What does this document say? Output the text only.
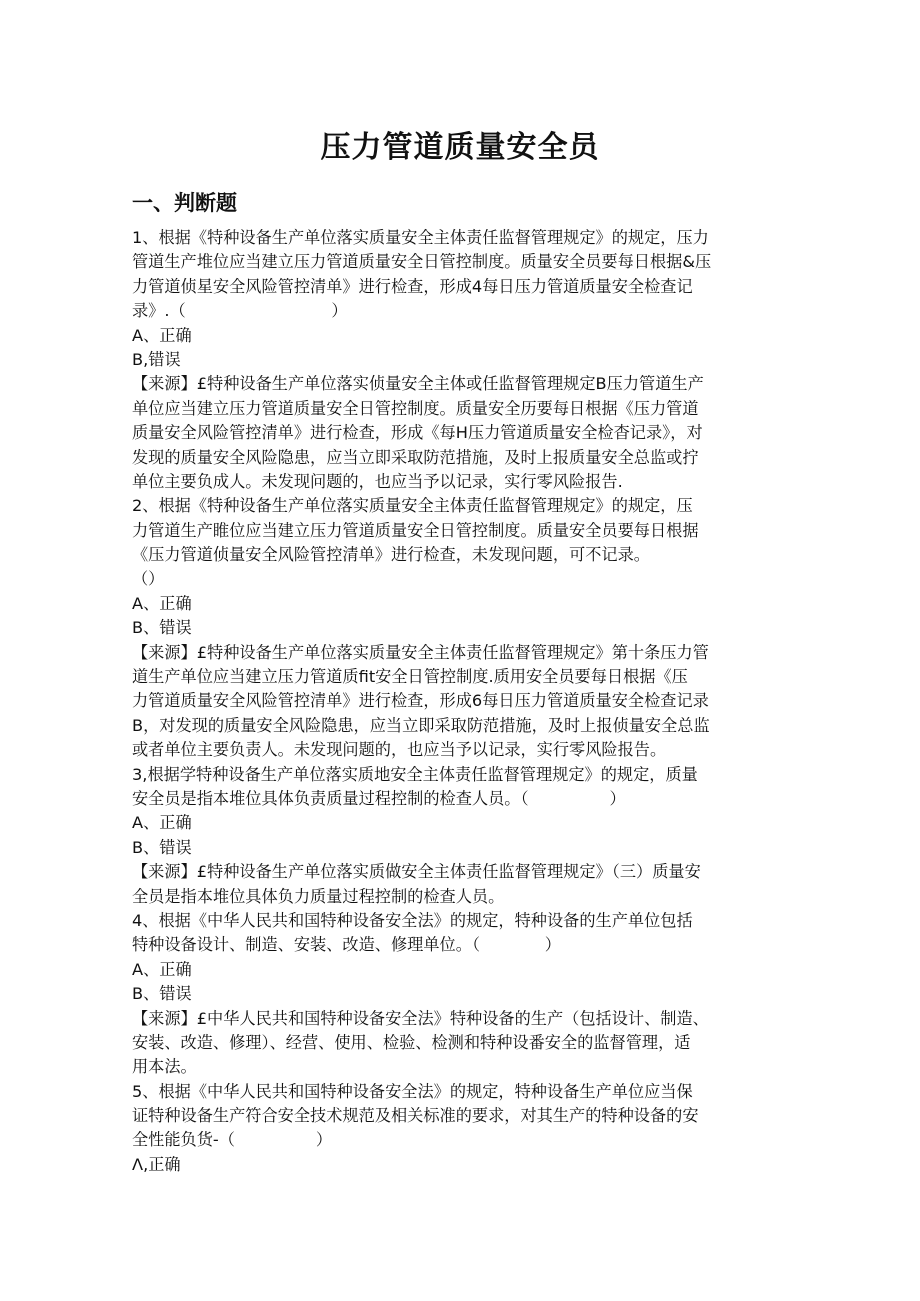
压力管道质量安全员
一、判断题
1、根据《特种设备生产单位落实质量安全主体责任监督管理规定》的规定，压力
管道生产堆位应当建立压力管道质量安全日管控制度。质量安全员要每日根据&压
力管道侦星安全风险管控清单》进行检查，形成4每日压力管道质量安全检查记
录》.（　　　　　　　　　）
A、正确
B,错误
【来源】£特种设备生产单位落实侦量安全主体或任监督管理规定B压力管道生产
单位应当建立压力管道质量安全日管控制度。质量安全历要每日根据《压力管道
质量安全风险管控清单》进行检查，形成《每H压力管道质量安全检杳记录》，对
发现的质量安全风险隐患，应当立即采取防范措施，及时上报质量安全总监或拧
单位主要负成人。未发现问题的，也应当予以记录，实行零风险报告.
2、根据《特种设备生产单位落实质量安全主体责任监督管理规定》的规定，压
力管道生产睢位应当建立压力管道质量安全日管控制度。质量安全员要每日根据
《压力管道侦量安全风险管控清单》进行检查，未发现问题，可不记录。
（）
A、正确
B、错误
【来源】£特种设备生产单位落实质量安全主体责任监督管理规定》第十条压力管
道生产单位应当建立压力管道质fit安全日管控制度.质用安全员要每日根据《压
力管道质量安全风险管控清单》进行检查，形成6每日压力管道质量安全检查记录
B，对发现的质量安全风险隐患，应当立即采取防范措施，及时上报侦量安全总监
或者单位主要负责人。未发现问题的，也应当予以记录，实行零风险报告。
3,根据学特种设备生产单位落实质地安全主体责任监督管理规定》的规定，质量
安全员是指本堆位具体负责质量过程控制的检查人员。（　　　　　）
A、正确
B、错误
【来源】£特种设备生产单位落实质做安全主体责任监督管理规定》（三）质量安
全员是指本堆位具体负力质量过程控制的检查人员。
4、根据《中华人民共和国特种设备安全法》的规定，特种设备的生产单位包括
特种设备设计、制造、安装、改造、修理单位。（　　　　）
A、正确
B、错误
【来源】£中华人民共和国特种设备安全法》特种设备的生产（包括设计、制造、
安装、改造、修理）、经营、使用、检验、检测和特种设番安全的监督管理，适
用本法。
5、根据《中华人民共和国特种设备安全法》的规定，特种设备生产单位应当保
证特种设备生产符合安全技术规范及相关标准的要求，对其生产的特种设备的安
全性能负货-（　　　　　）
Λ,正确
